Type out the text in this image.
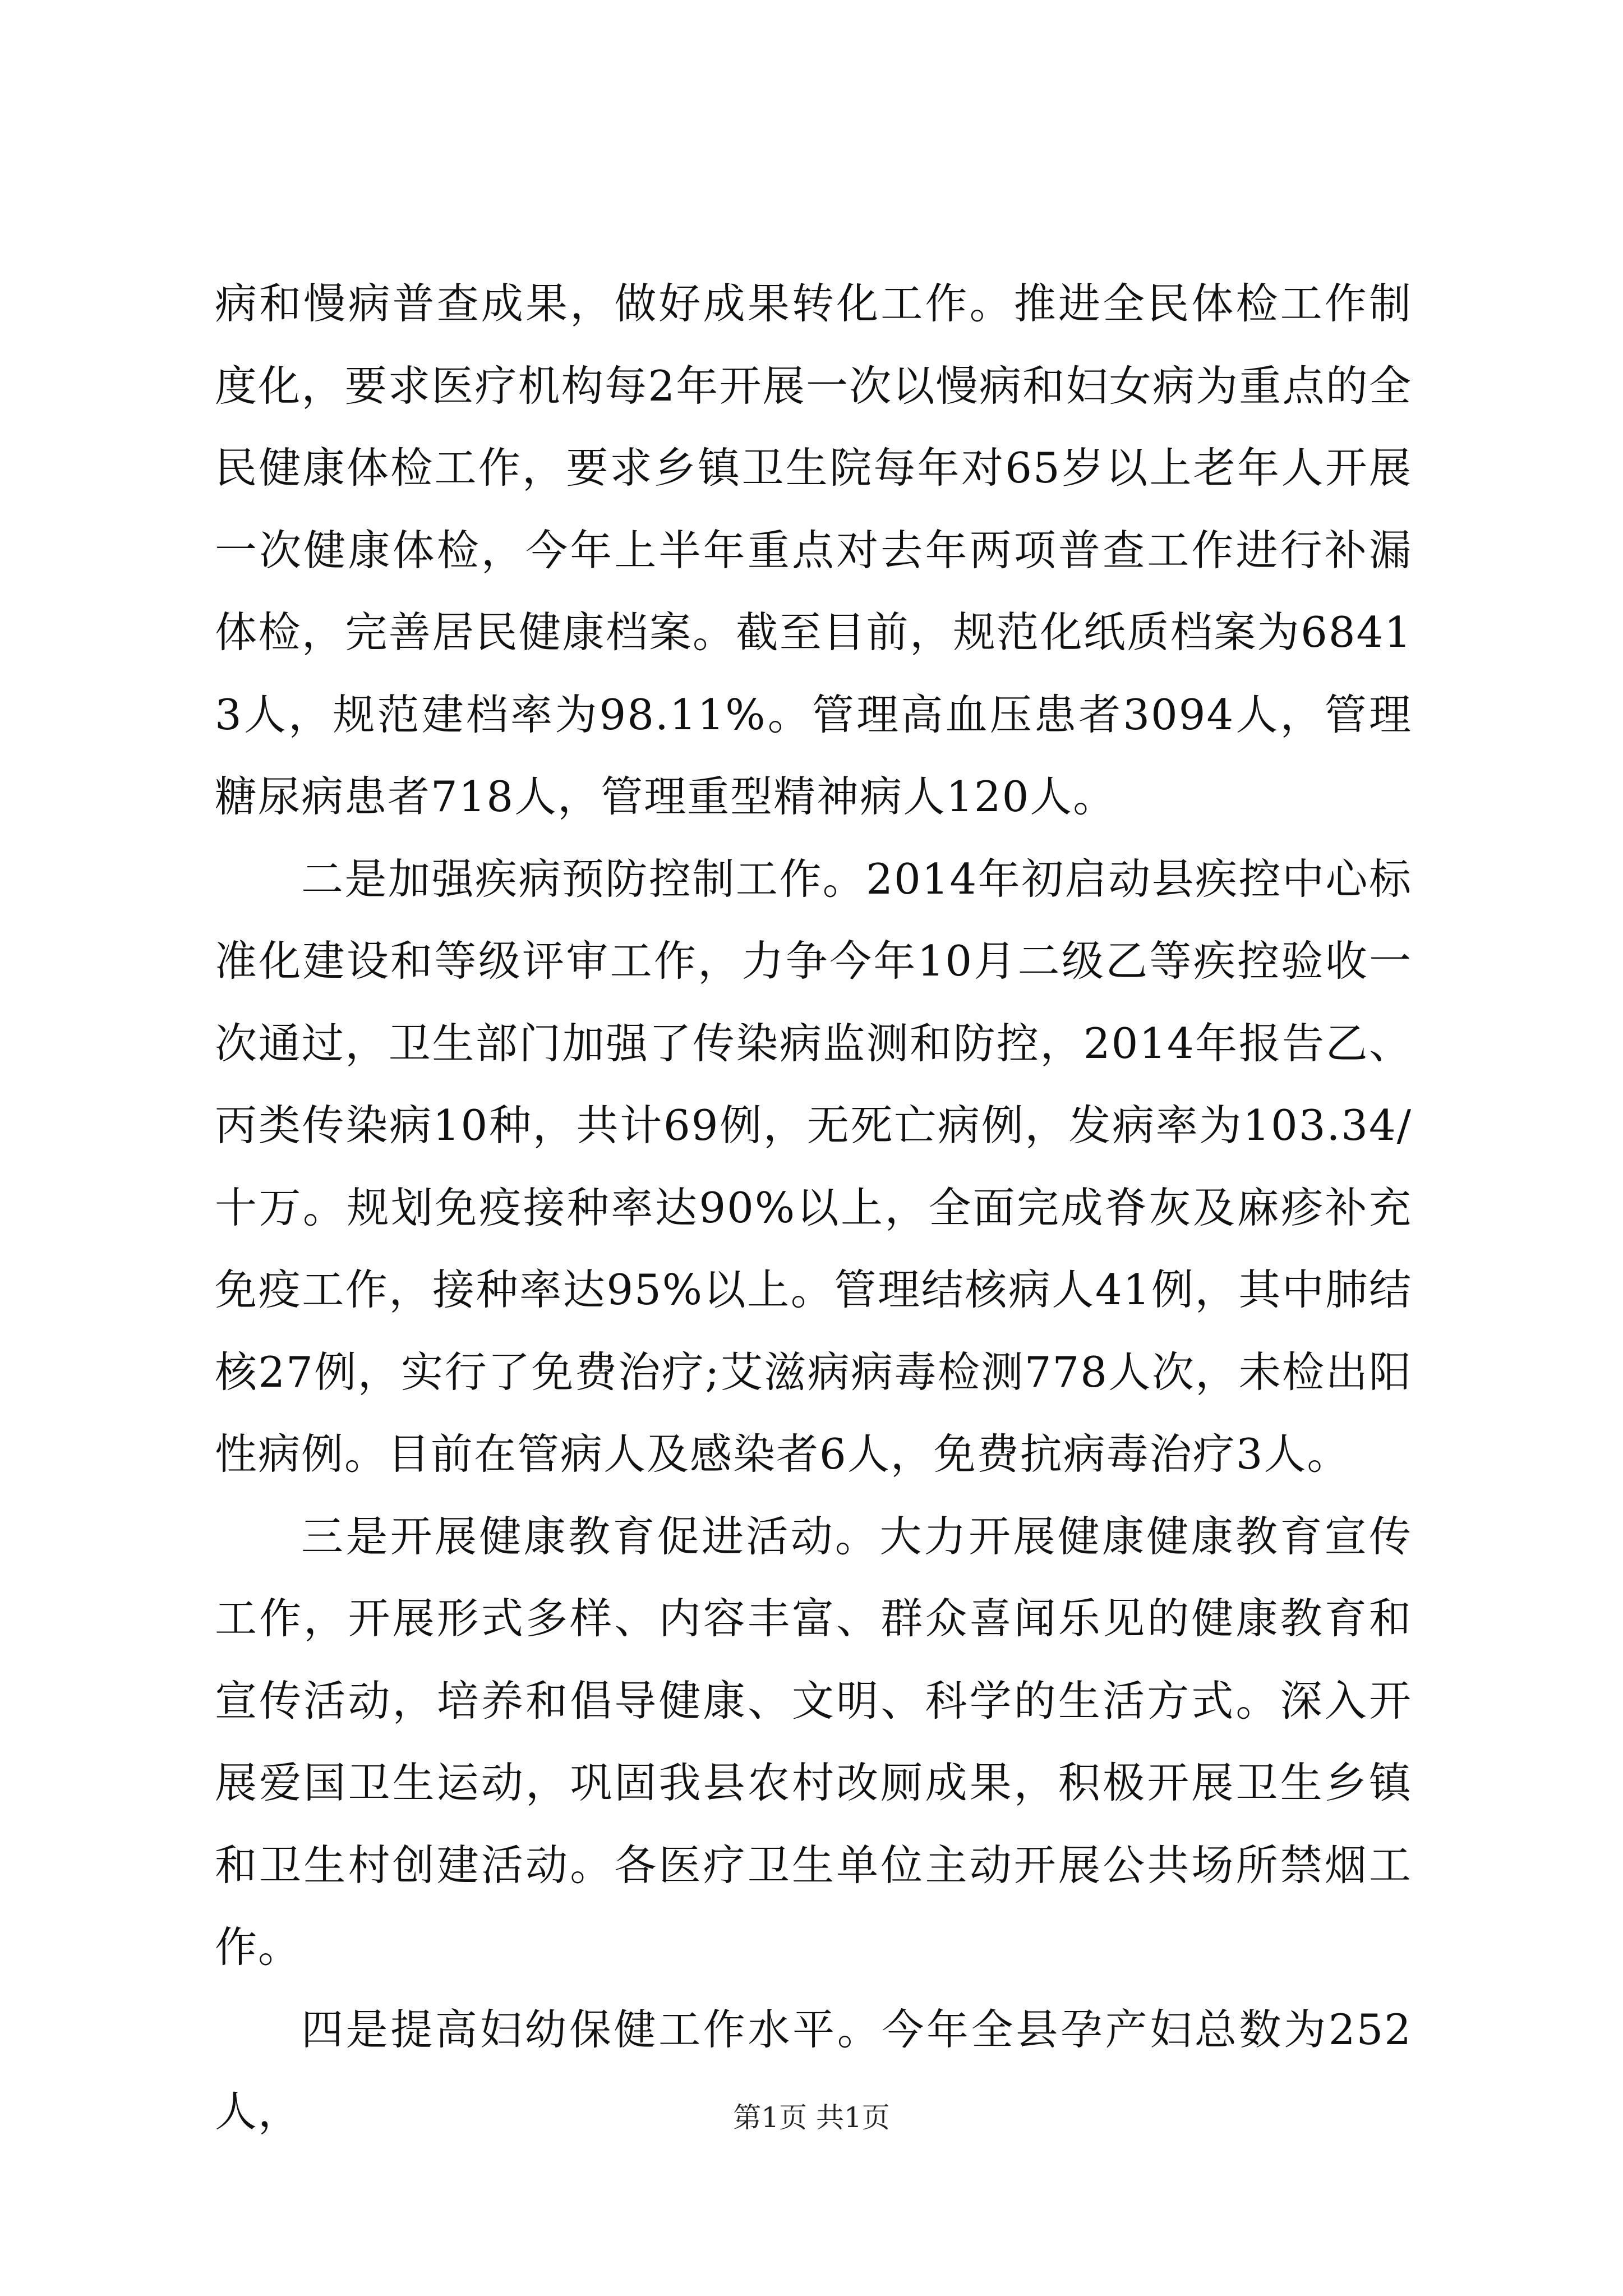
病和慢病普查成果，做好成果转化工作。推进全民体检工作制度化，要求医疗机构每2年开展一次以慢病和妇女病为重点的全民健康体检工作，要求乡镇卫生院每年对65岁以上老年人开展一次健康体检，今年上半年重点对去年两项普查工作进行补漏体检，完善居民健康档案。截至目前，规范化纸质档案为68413人，规范建档率为98.11%。管理高血压患者3094人，管理糖尿病患者718人，管理重型精神病人120人。

二是加强疾病预防控制工作。2014年初启动县疾控中心标准化建设和等级评审工作，力争今年10月二级乙等疾控验收一次通过，卫生部门加强了传染病监测和防控，2014年报告乙、丙类传染病10种，共计69例，无死亡病例，发病率为103.34/十万。规划免疫接种率达90%以上，全面完成脊灰及麻疹补充免疫工作，接种率达95%以上。管理结核病人41例，其中肺结核27例，实行了免费治疗;艾滋病病毒检测778人次，未检出阳性病例。目前在管病人及感染者6人，免费抗病毒治疗3人。

三是开展健康教育促进活动。大力开展健康健康教育宣传工作，开展形式多样、内容丰富、群众喜闻乐见的健康教育和宣传活动，培养和倡导健康、文明、科学的生活方式。深入开展爱国卫生运动，巩固我县农村改厕成果，积极开展卫生乡镇和卫生村创建活动。各医疗卫生单位主动开展公共场所禁烟工作。

四是提高妇幼保健工作水平。今年全县孕产妇总数为252人，	第1页 共1页
